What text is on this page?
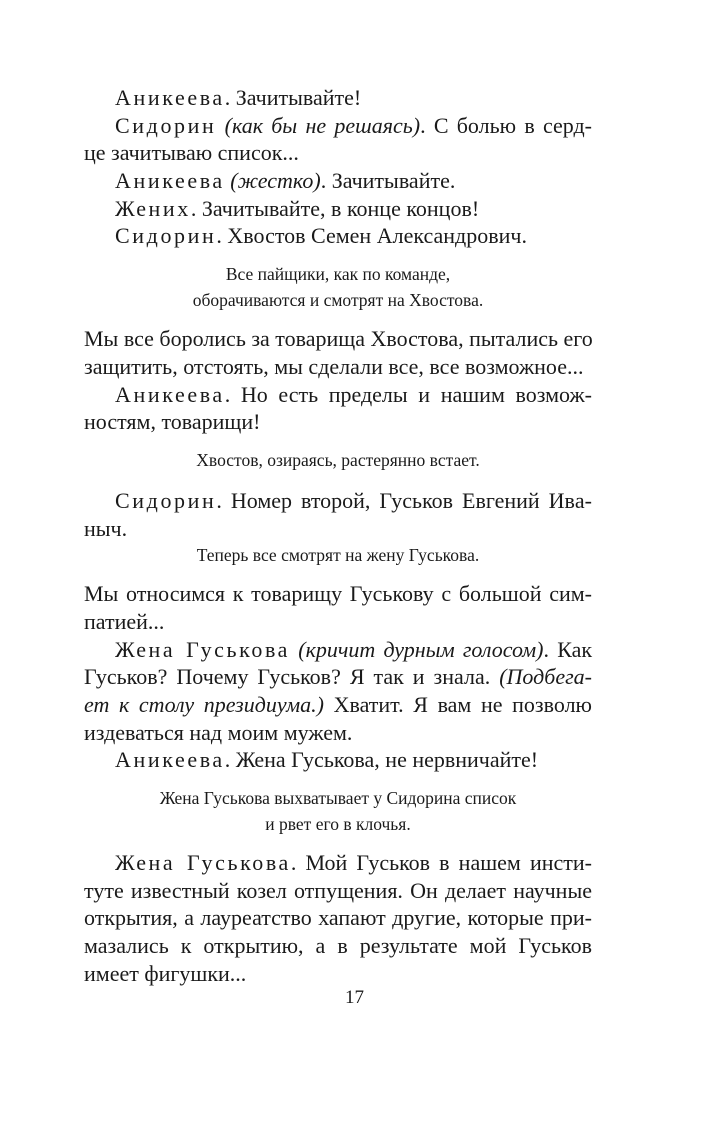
Аникеева. Зачитывайте!
Сидорин (как бы не решаясь). С болью в серд-
це зачитываю список...
Аникеева (жестко). Зачитывайте.
Жених. Зачитывайте, в конце концов!
Сидорин. Хвостов Семен Александрович.
Все пайщики, как по команде,
оборачиваются и смотрят на Хвостова.
Мы все боролись за товарища Хвостова, пытались его
защитить, отстоять, мы сделали все, все возможное...
Аникеева. Но есть пределы и нашим возмож-
ностям, товарищи!
Хвостов, озираясь, растерянно встает.
Сидорин. Номер второй, Гуськов Евгений Ивa-
ныч.
Теперь все смотрят на жену Гуськова.
Мы относимся к товарищу Гуськову с большой сим-
патией...
Жена Гуськова (кричит дурным голосом). Как
Гуськов? Почему Гуськов? Я так и знала. (Подбега-
ет к столу президиума.) Хватит. Я вам не позволю
издеваться над моим мужем.
Аникеева. Жена Гуськова, не нервничайте!
Жена Гуськова выхватывает у Сидорина список
и рвет его в клочья.
Жена Гуськова. Мой Гуськов в нашем инсти-
туте известный козел отпущения. Он делает научные
открытия, а лауреатство хапают другие, которые при-
мазались к открытию, а в результате мой Гуськов
имеет фигушки...
17
